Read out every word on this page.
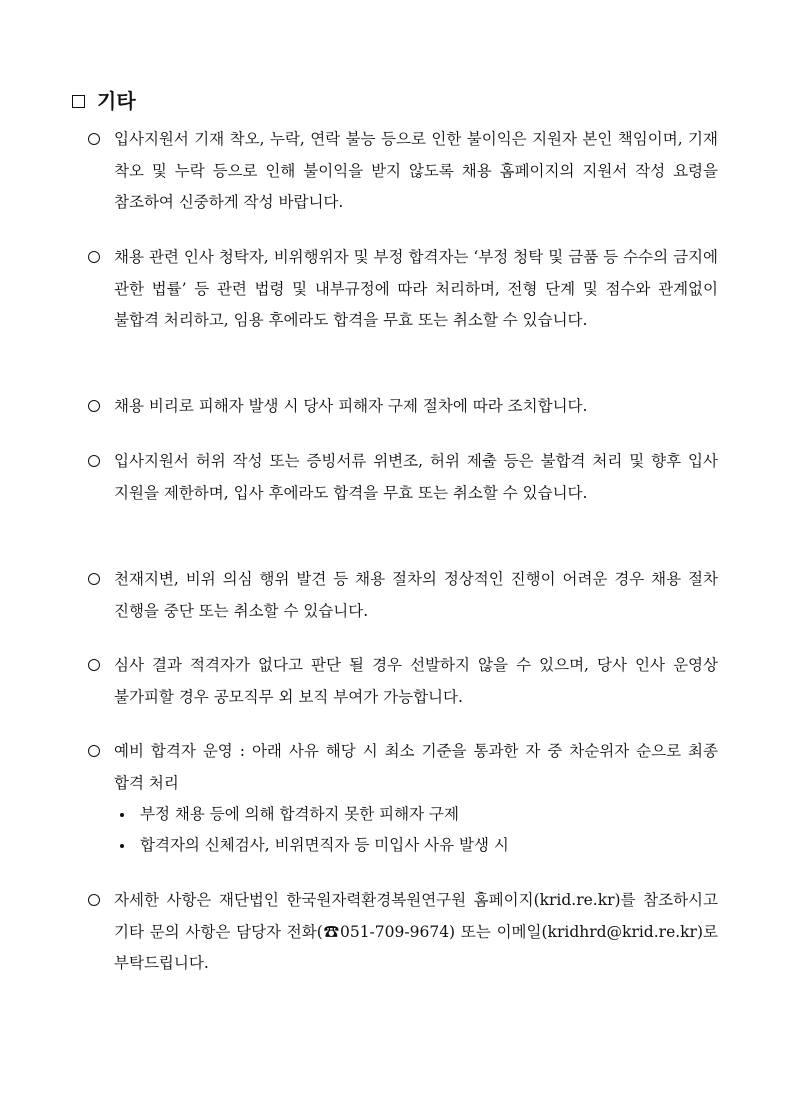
기타
입사지원서 기재 착오, 누락, 연락 불능 등으로 인한 불이익은 지원자 본인 책임이며, 기재 착오 및 누락 등으로 인해 불이익을 받지 않도록 채용 홈페이지의 지원서 작성 요령을 참조하여 신중하게 작성 바랍니다.
채용 관련 인사 청탁자, 비위행위자 및 부정 합격자는 ‘부정 청탁 및 금품 등 수수의 금지에 관한 법률’ 등 관련 법령 및 내부규정에 따라 처리하며, 전형 단계 및 점수와 관계없이 불합격 처리하고, 임용 후에라도 합격을 무효 또는 취소할 수 있습니다.
채용 비리로 피해자 발생 시 당사 피해자 구제 절차에 따라 조치합니다.
입사지원서 허위 작성 또는 증빙서류 위변조, 허위 제출 등은 불합격 처리 및 향후 입사 지원을 제한하며, 입사 후에라도 합격을 무효 또는 취소할 수 있습니다.
천재지변, 비위 의심 행위 발견 등 채용 절차의 정상적인 진행이 어려운 경우 채용 절차 진행을 중단 또는 취소할 수 있습니다.
심사 결과 적격자가 없다고 판단 될 경우 선발하지 않을 수 있으며, 당사 인사 운영상 불가피할 경우 공모직무 외 보직 부여가 가능합니다.
예비 합격자 운영 : 아래 사유 해당 시 최소 기준을 통과한 자 중 차순위자 순으로 최종 합격 처리
부정 채용 등에 의해 합격하지 못한 피해자 구제
합격자의 신체검사, 비위면직자 등 미입사 사유 발생 시
자세한 사항은 재단법인 한국원자력환경복원연구원 홈페이지(krid.re.kr)를 참조하시고 기타 문의 사항은 담당자 전화(☎051-709-9674) 또는 이메일(kridhrd@krid.re.kr)로 부탁드립니다.
